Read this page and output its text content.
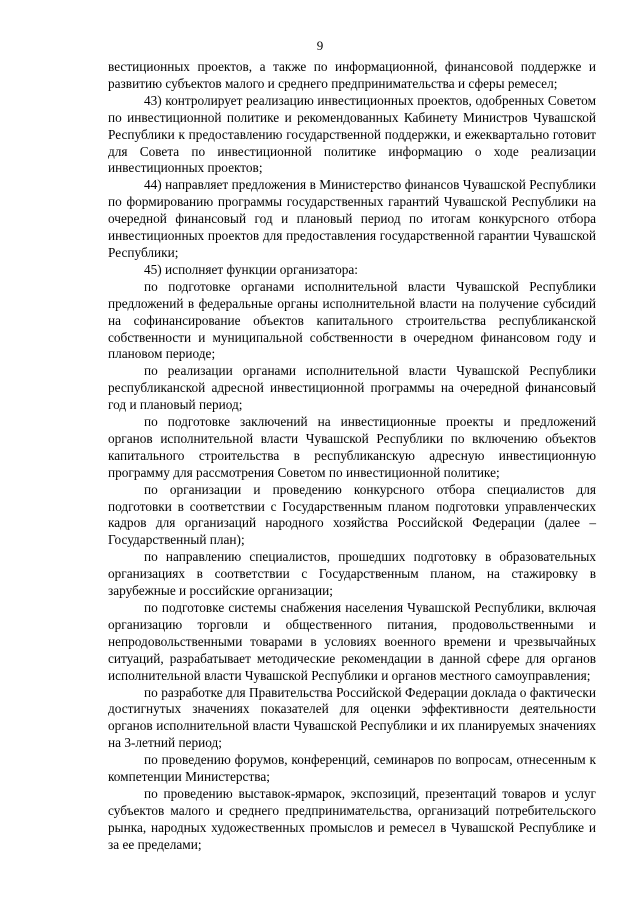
9

вестиционных проектов, а также по информационной, финансовой поддержке и развитию субъектов малого и среднего предпринимательства и сферы ремесел;

43) контролирует реализацию инвестиционных проектов, одобренных Советом по инвестиционной политике и рекомендованных Кабинету Министров Чувашской Республики к предоставлению государственной поддержки, и ежеквартально готовит для Совета по инвестиционной политике информацию о ходе реализации инвестиционных проектов;

44) направляет предложения в Министерство финансов Чувашской Республики по формированию программы государственных гарантий Чувашской Республики на очередной финансовый год и плановый период по итогам конкурсного отбора инвестиционных проектов для предоставления государственной гарантии Чувашской Республики;

45) исполняет функции организатора:

по подготовке органами исполнительной власти Чувашской Республики предложений в федеральные органы исполнительной власти на получение субсидий на софинансирование объектов капитального строительства республиканской собственности и муниципальной собственности в очередном финансовом году и плановом периоде;

по реализации органами исполнительной власти Чувашской Республики республиканской адресной инвестиционной программы на очередной финансовый год и плановый период;

по подготовке заключений на инвестиционные проекты и предложений органов исполнительной власти Чувашской Республики по включению объектов капитального строительства в республиканскую адресную инвестиционную программу для рассмотрения Советом по инвестиционной политике;

по организации и проведению конкурсного отбора специалистов для подготовки в соответствии с Государственным планом подготовки управленческих кадров для организаций народного хозяйства Российской Федерации (далее – Государственный план);

по направлению специалистов, прошедших подготовку в образовательных организациях в соответствии с Государственным планом, на стажировку в зарубежные и российские организации;

по подготовке системы снабжения населения Чувашской Республики, включая организацию торговли и общественного питания, продовольственными и непродовольственными товарами в условиях военного времени и чрезвычайных ситуаций, разрабатывает методические рекомендации в данной сфере для органов исполнительной власти Чувашской Республики и органов местного самоуправления;

по разработке для Правительства Российской Федерации доклада о фактически достигнутых значениях показателей для оценки эффективности деятельности органов исполнительной власти Чувашской Республики и их планируемых значениях на 3-летний период;

по проведению форумов, конференций, семинаров по вопросам, отнесенным к компетенции Министерства;

по проведению выставок-ярмарок, экспозиций, презентаций товаров и услуг субъектов малого и среднего предпринимательства, организаций потребительского рынка, народных художественных промыслов и ремесел в Чувашской Республике и за ее пределами;
